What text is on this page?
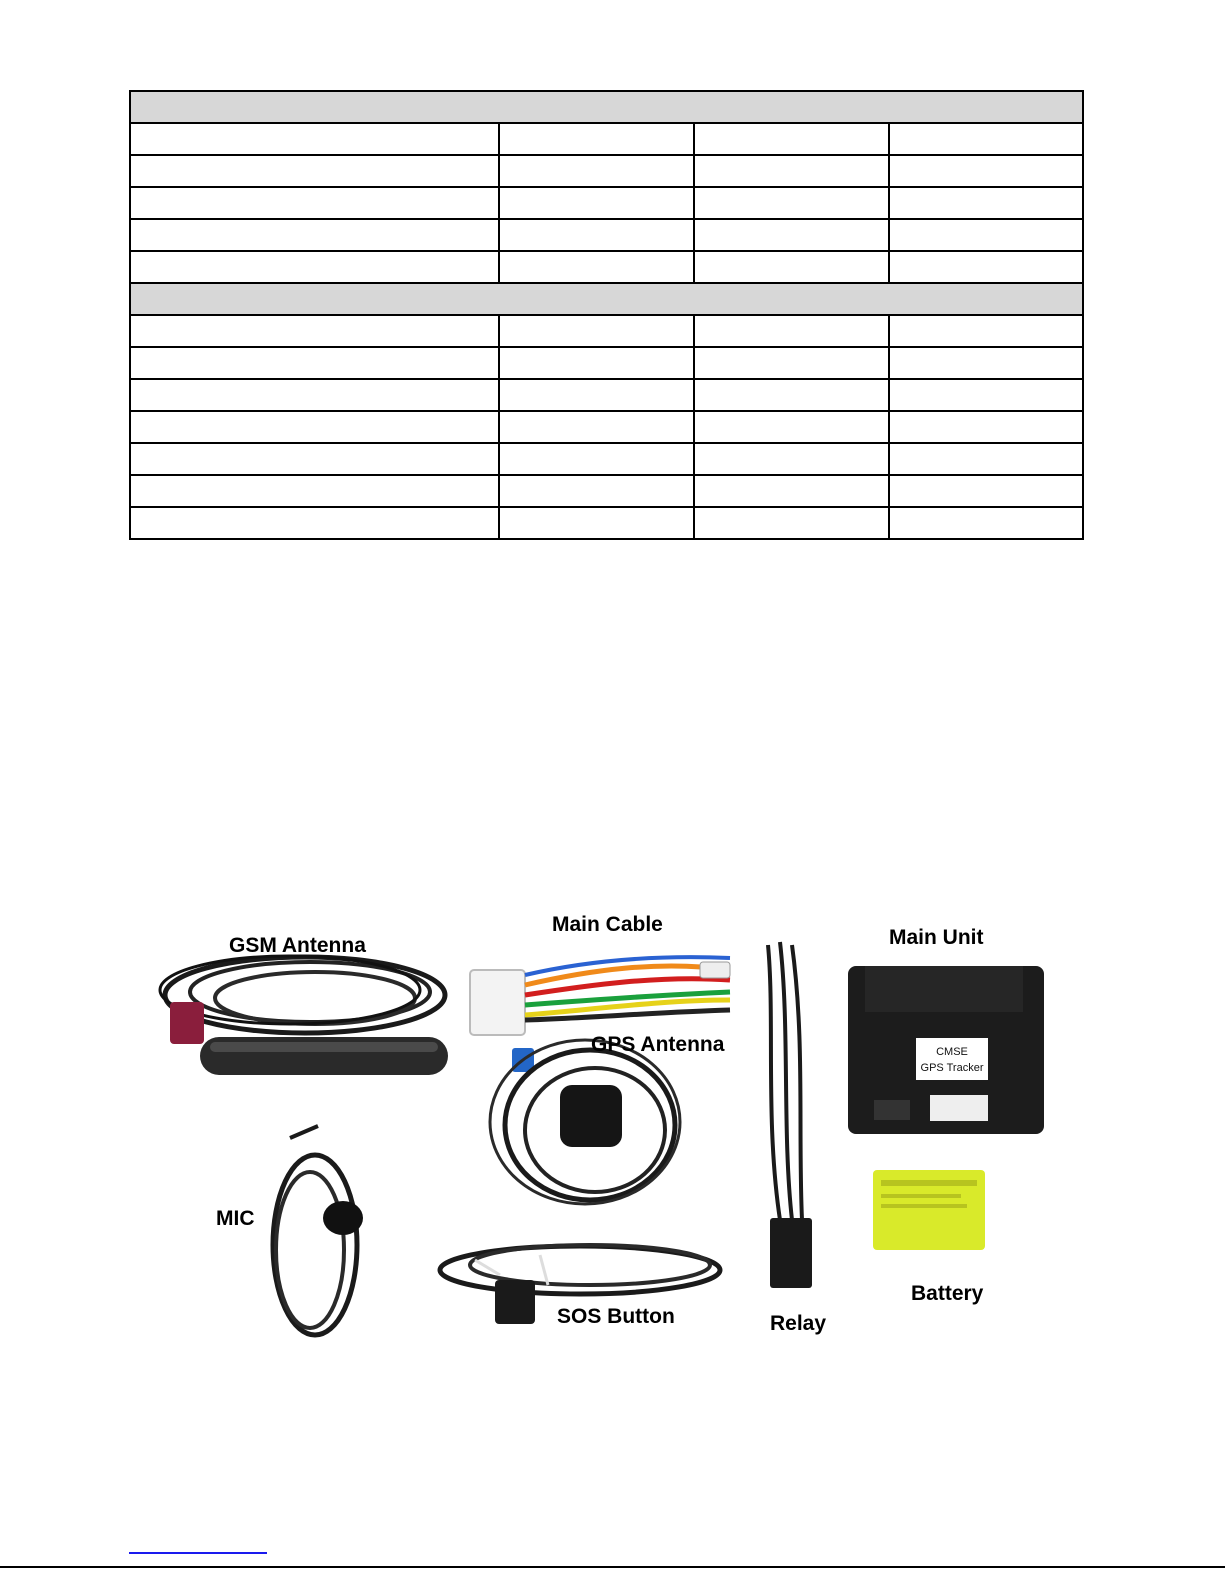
CMSE
GPS Tracker
GSM Antenna
Main Cable
Main Unit
GPS Antenna
MIC
SOS Button	Relay
Battery
